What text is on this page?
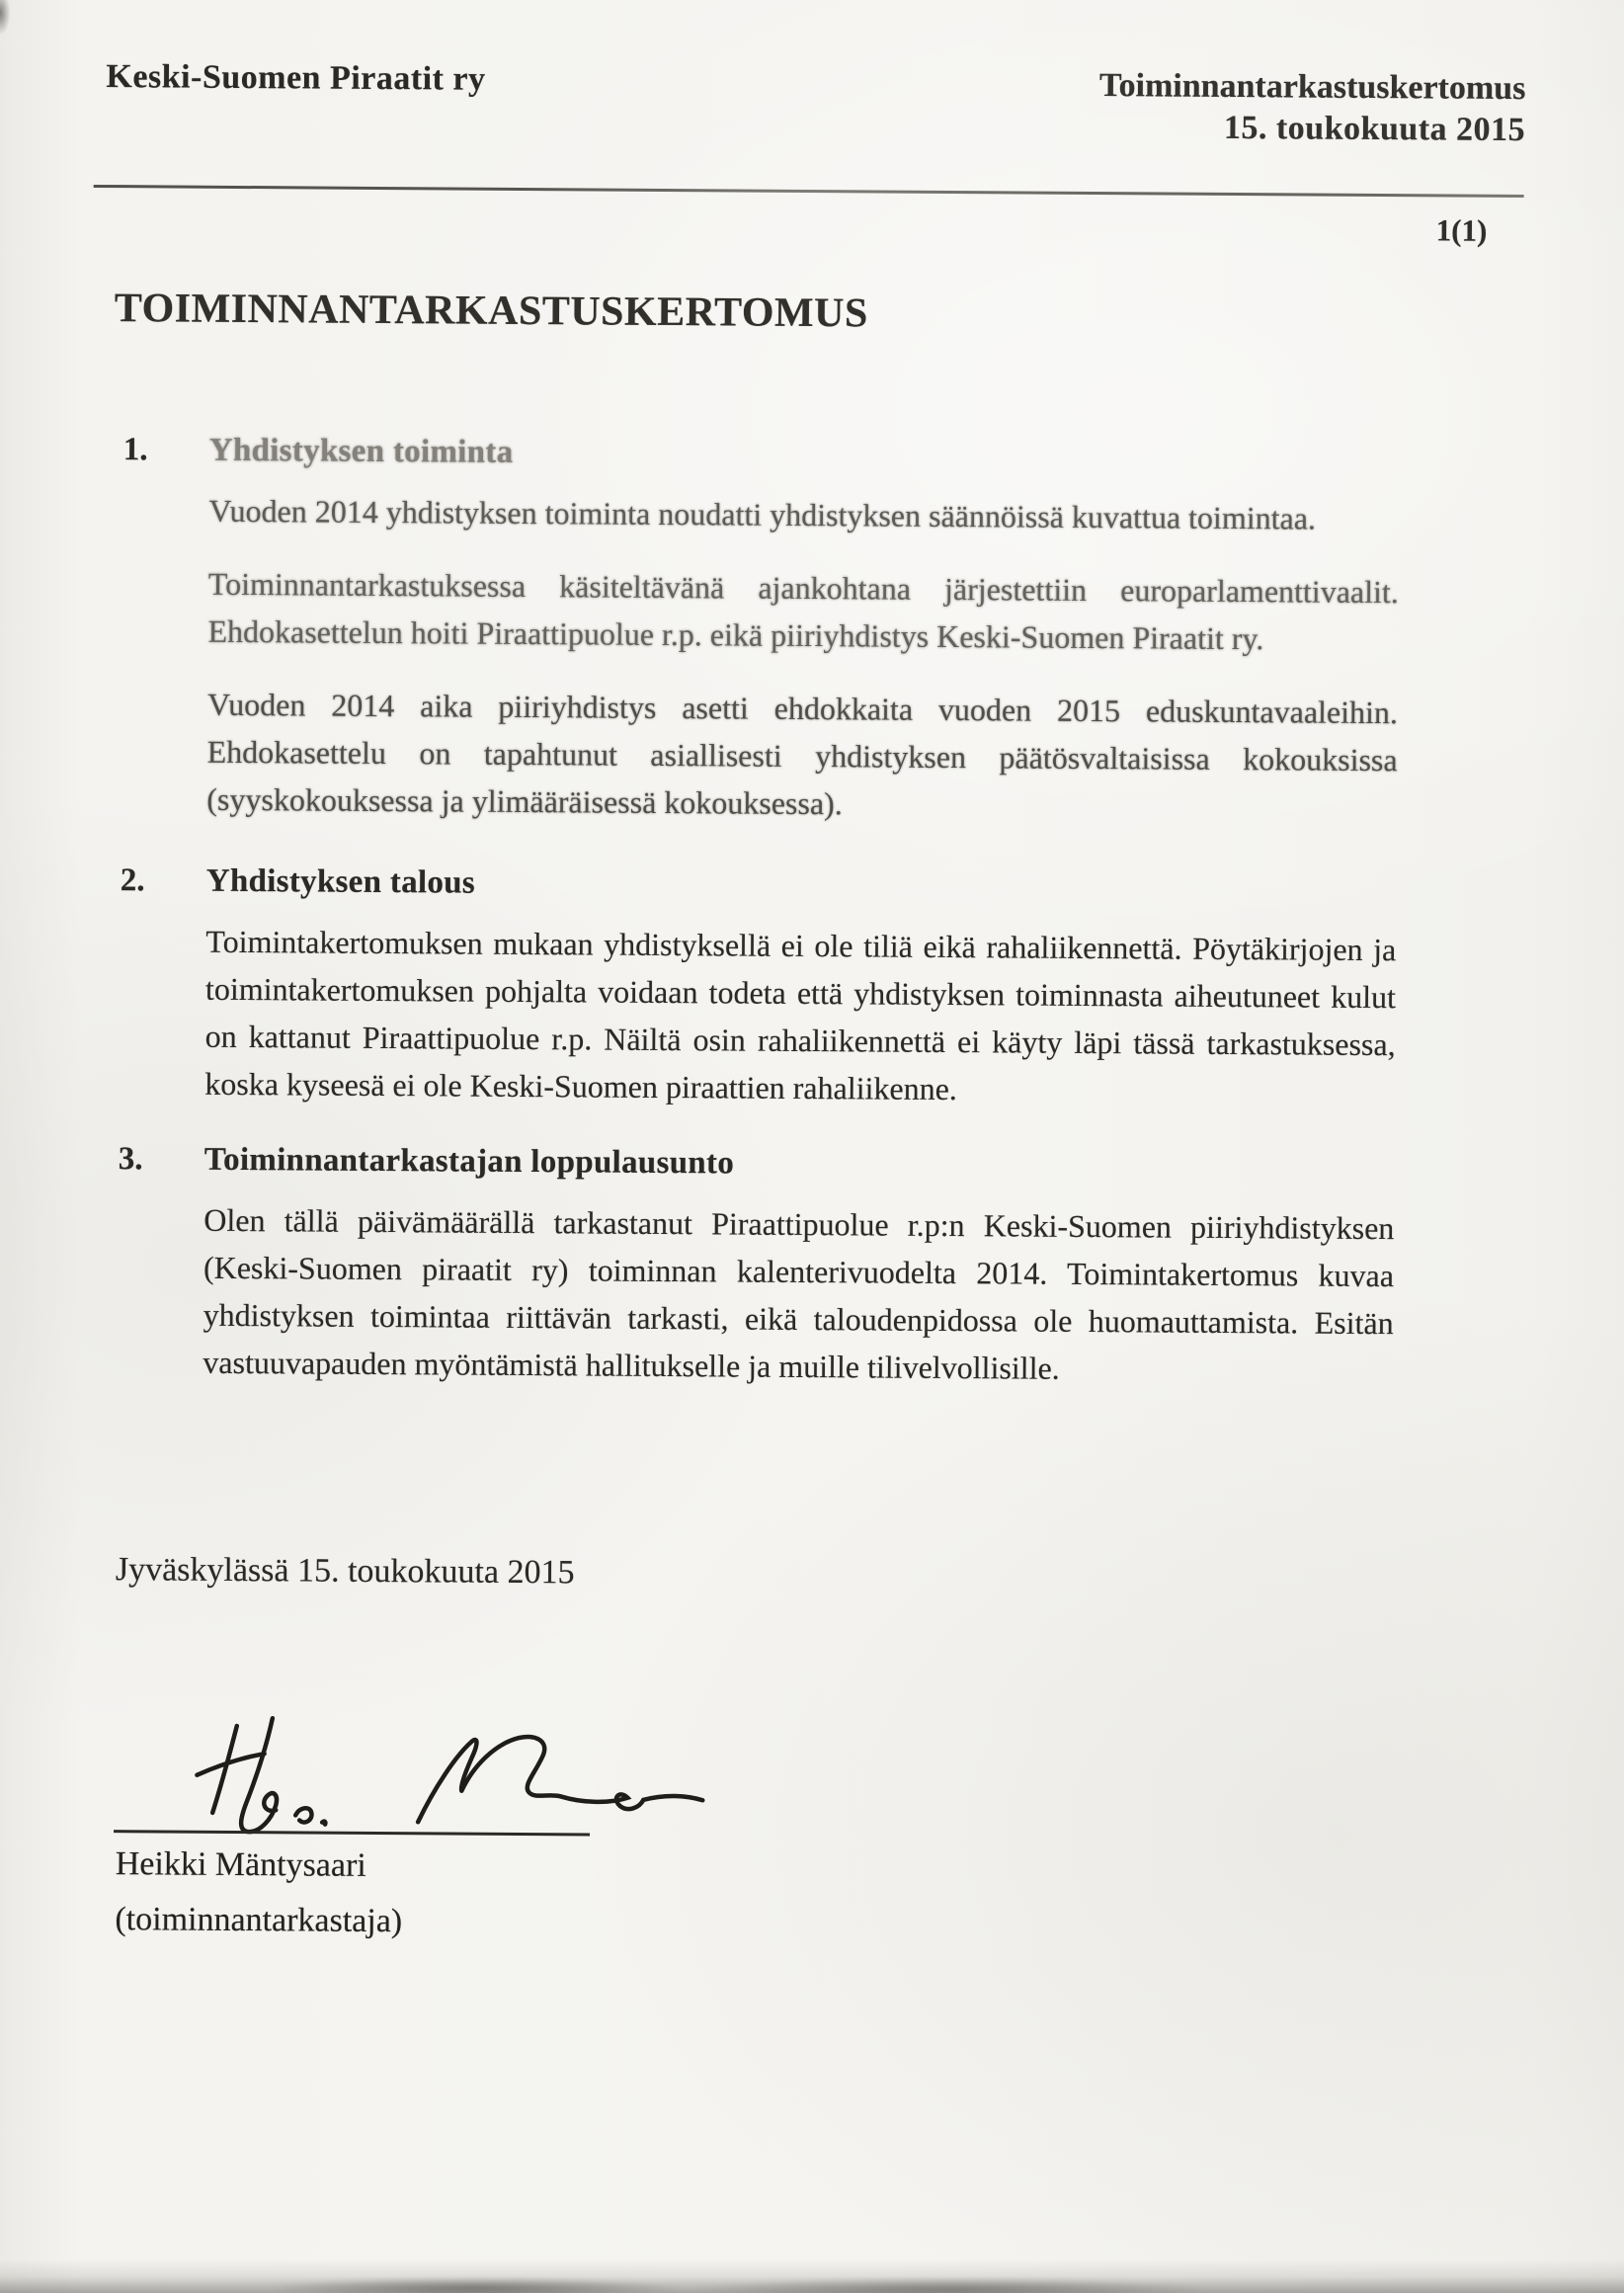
Keski-Suomen Piraatit ry	Toiminnantarkastuskertomus
15. toukokuuta 2015
1(1)
TOIMINNANTARKASTUSKERTOMUS
1.	Yhdistyksen toiminta

Vuoden 2014 yhdistyksen toiminta noudatti yhdistyksen säännöissä kuvattua toimintaa.

Toiminnantarkastuksessa käsiteltävänä ajankohtana järjestettiin europarlamenttivaalit. Ehdokasettelun hoiti Piraattipuolue r.p. eikä piiriyhdistys Keski-Suomen Piraatit ry.

Vuoden 2014 aika piiriyhdistys asetti ehdokkaita vuoden 2015 eduskuntavaaleihin. Ehdokasettelu on tapahtunut asiallisesti yhdistyksen päätösvaltaisissa kokouksissa (syyskokouksessa ja ylimääräisessä kokouksessa).

2.	Yhdistyksen talous

Toimintakertomuksen mukaan yhdistyksellä ei ole tiliä eikä rahaliikennettä. Pöytäkirjojen ja toimintakertomuksen pohjalta voidaan todeta että yhdistyksen toiminnasta aiheutuneet kulut on kattanut Piraattipuolue r.p. Näiltä osin rahaliikennettä ei käyty läpi tässä tarkastuksessa, koska kyseesä ei ole Keski-Suomen piraattien rahaliikenne.

3.	Toiminnantarkastajan loppulausunto

Olen tällä päivämäärällä tarkastanut Piraattipuolue r.p:n Keski-Suomen piiriyhdistyksen (Keski-Suomen piraatit ry) toiminnan kalenterivuodelta 2014. Toimintakertomus kuvaa yhdistyksen toimintaa riittävän tarkasti, eikä taloudenpidossa ole huomauttamista. Esitän vastuuvapauden myöntämistä hallitukselle ja muille tilivelvollisille.

Jyväskylässä 15. toukokuuta 2015
Heikki Mäntysaari
(toiminnantarkastaja)
